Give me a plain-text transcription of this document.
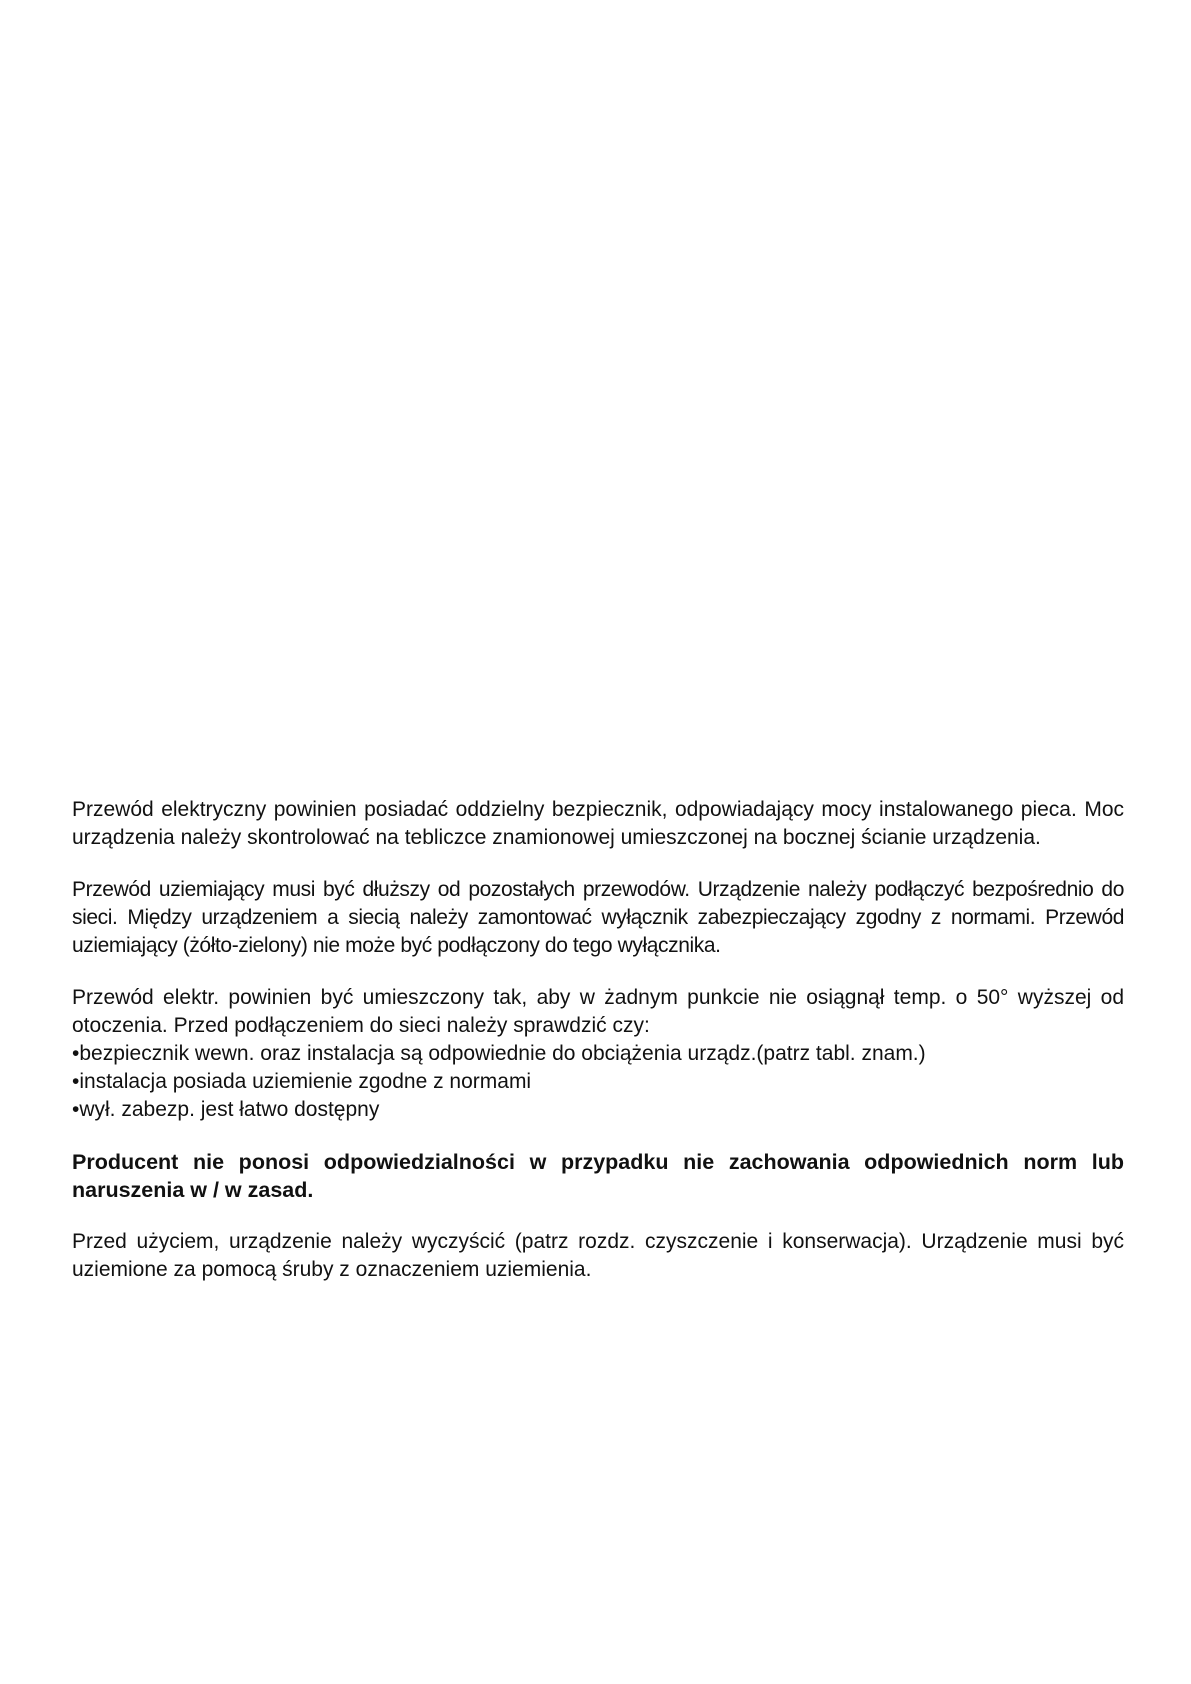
Przewód elektryczny powinien posiadać oddzielny bezpiecznik, odpowiadający mocy instalowanego pieca. Moc urządzenia należy skontrolować na tebliczce znamionowej umieszczonej na bocznej ścianie urządzenia.

Przewód uziemiający musi być dłuższy od pozostałych przewodów. Urządzenie należy podłączyć bezpośrednio do sieci. Między urządzeniem a siecią należy zamontować wyłącznik zabezpieczający zgodny z normami. Przewód uziemiający (żółto-zielony) nie może być podłączony do tego wyłącznika.

Przewód elektr. powinien być umieszczony tak, aby w żadnym punkcie nie osiągnął temp. o 50° wyższej od otoczenia. Przed podłączeniem do sieci należy sprawdzić czy:

•bezpiecznik wewn. oraz instalacja są odpowiednie do obciążenia urządz.(patrz tabl. znam.)
•instalacja posiada uziemienie zgodne z normami
•wył. zabezp. jest łatwo dostępny

Producent nie ponosi odpowiedzialności w przypadku nie zachowania odpowiednich norm lub naruszenia w / w zasad.

Przed użyciem, urządzenie należy wyczyścić (patrz rozdz. czyszczenie i konserwacja). Urządzenie musi być uziemione za pomocą śruby z oznaczeniem uziemienia.
